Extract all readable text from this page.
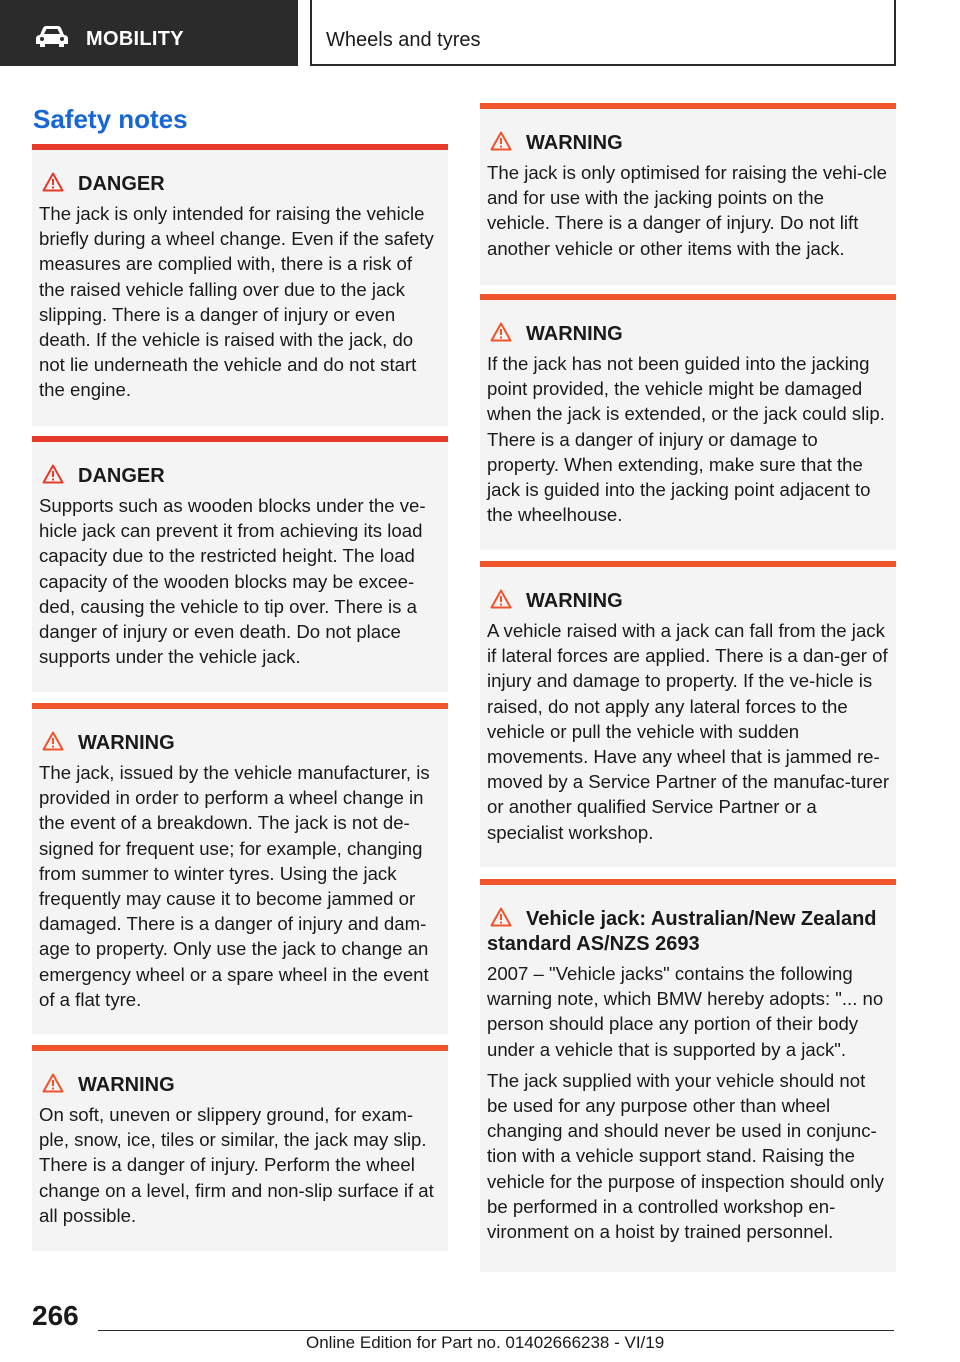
MOBILITY	Wheels and tyres
Safety notes
DANGER

The jack is only intended for raising the vehicle briefly during a wheel change. Even if the safety measures are complied with, there is a risk of the raised vehicle falling over due to the jack slipping. There is a danger of injury or even death. If the vehicle is raised with the jack, do not lie underneath the vehicle and do not start the engine.

DANGER

Supports such as wooden blocks under the ve-hicle jack can prevent it from achieving its load capacity due to the restricted height. The load capacity of the wooden blocks may be excee-ded, causing the vehicle to tip over. There is a danger of injury or even death. Do not place supports under the vehicle jack.

WARNING

The jack, issued by the vehicle manufacturer, is provided in order to perform a wheel change in the event of a breakdown. The jack is not de-signed for frequent use; for example, changing from summer to winter tyres. Using the jack frequently may cause it to become jammed or damaged. There is a danger of injury and dam-age to property. Only use the jack to change an emergency wheel or a spare wheel in the event of a flat tyre.

WARNING

On soft, uneven or slippery ground, for exam-ple, snow, ice, tiles or similar, the jack may slip. There is a danger of injury. Perform the wheel change on a level, firm and non-slip surface if at all possible.

WARNING

The jack is only optimised for raising the vehi-cle and for use with the jacking points on the vehicle. There is a danger of injury. Do not lift another vehicle or other items with the jack.

WARNING

If the jack has not been guided into the jacking point provided, the vehicle might be damaged when the jack is extended, or the jack could slip. There is a danger of injury or damage to property. When extending, make sure that the jack is guided into the jacking point adjacent to the wheelhouse.

WARNING

A vehicle raised with a jack can fall from the jack if lateral forces are applied. There is a dan-ger of injury and damage to property. If the ve-hicle is raised, do not apply any lateral forces to the vehicle or pull the vehicle with sudden movements. Have any wheel that is jammed re-moved by a Service Partner of the manufac-turer or another qualified Service Partner or a specialist workshop.

Vehicle jack: Australian/New Zealand standard AS/NZS 2693

2007 – "Vehicle jacks" contains the following warning note, which BMW hereby adopts: "... no person should place any portion of their body under a vehicle that is supported by a jack".

The jack supplied with your vehicle should not be used for any purpose other than wheel changing and should never be used in conjunc-tion with a vehicle support stand. Raising the vehicle for the purpose of inspection should only be performed in a controlled workshop en-vironment on a hoist by trained personnel.

266
Online Edition for Part no. 01402666238 - VI/19
